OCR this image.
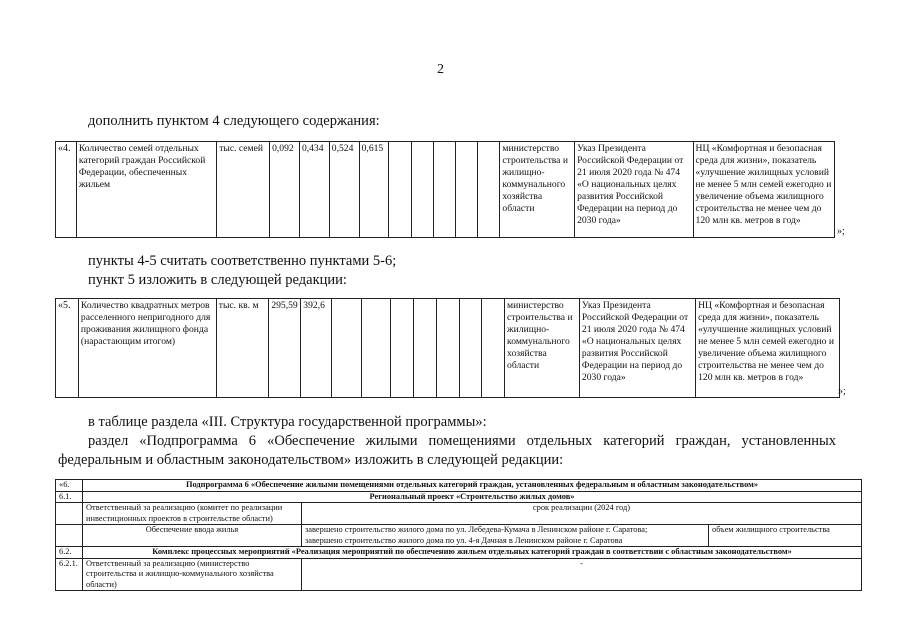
2
дополнить пунктом 4 следующего содержания:
«4.	Количество семей отдельных категорий граждан Российской Федерации, обеспеченных жильем	тыс. семей	0,092	0,434	0,524	0,615						министерство строительства и жилищно-коммунального хозяйства области	Указ Президента Российской Федерации от 21 июля 2020 года № 474 «О национальных целях развития Российской Федерации на период до 2030 года»	НЦ «Комфортная и безопасная среда для жизни», показатель «улучшение жилищных условий не менее 5 млн семей ежегодно и увеличение объема жилищного строительства не менее чем до 120 млн кв. метров в год»
»;
пункты 4-5 считать соответственно пунктами 5-6;
пункт 5 изложить в следующей редакции:
«5.	Количество квадратных метров расселенного непригодного для проживания жилищного фонда (нарастающим итогом)	тыс. кв. м	295,59	392,6								министерство строительства и жилищно-коммунального хозяйства области	Указ Президента Российской Федерации от 21 июля 2020 года № 474 «О национальных целях развития Российской Федерации на период до 2030 года»	НЦ «Комфортная и безопасная среда для жизни», показатель «улучшение жилищных условий не менее 5 млн семей ежегодно и увеличение объема жилищного строительства не менее чем до 120 млн кв. метров в год»
»;
в таблице раздела «III. Структура государственной программы»:
раздел «Подпрограмма 6 «Обеспечение жилыми помещениями отдельных категорий граждан, установленных федеральным и областным законодательством» изложить в следующей редакции:
«6.	Подпрограмма 6 «Обеспечение жилыми помещениями отдельных категорий граждан, установленных федеральным и областным законодательством»		
6.1.	Региональный проект «Строительство жилых домов»		
	Ответственный за реализацию (комитет по реализации инвестиционных проектов в строительстве области)	срок реализации (2024 год)	
	Обеспечение ввода жилья	завершено строительство жилого дома по ул. Лебедева-Кумача в Ленинском районе г. Саратова;
завершено строительство жилого дома по ул. 4-я Дачная в Ленинском районе г. Саратова	объем жилищного строительства
6.2.	Комплекс процессных мероприятий «Реализация мероприятий по обеспечению жильем отдельных категорий граждан в соответствии с областным законодательством»		
6.2.1.	Ответственный за реализацию (министерство строительства и жилищно-коммунального хозяйства области)	-	
